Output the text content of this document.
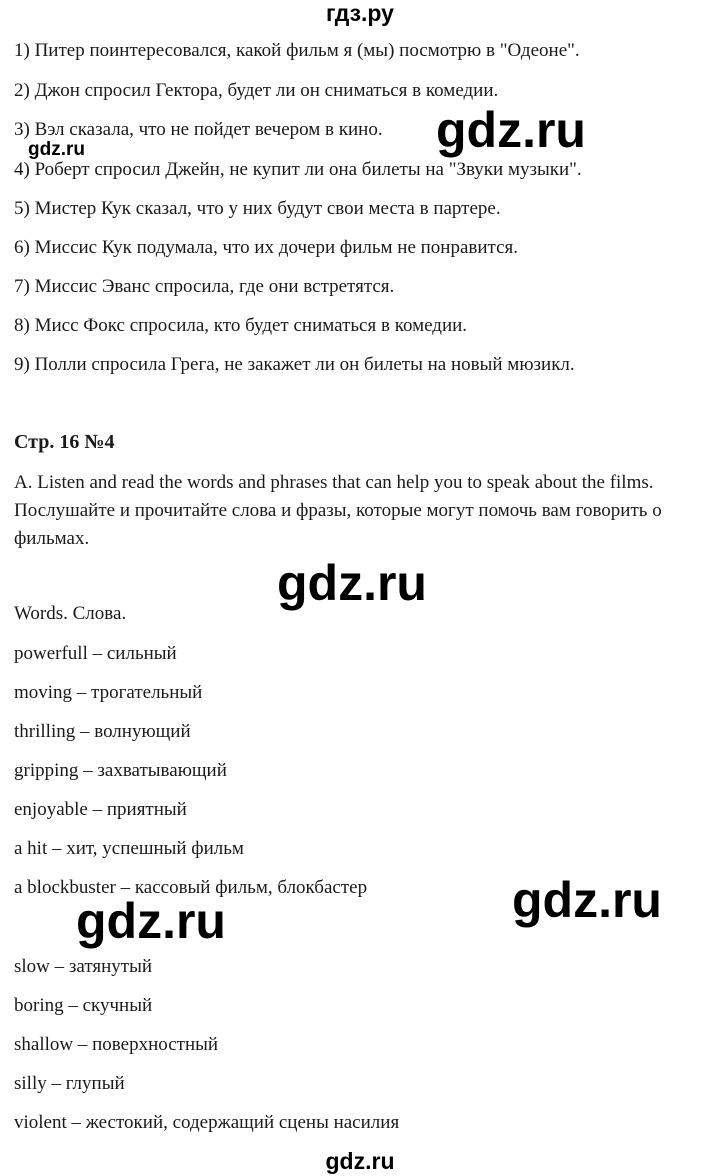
гдз.ру
1) Питер поинтересовался, какой фильм я (мы) посмотрю в "Одеоне".
2) Джон спросил Гектора, будет ли он сниматься в комедии.
3) Вэл сказала, что не пойдет вечером в кино.
4) Роберт спросил Джейн, не купит ли она билеты на "Звуки музыки".
5) Мистер Кук сказал, что у них будут свои места в партере.
6) Миссис Кук подумала, что их дочери фильм не понравится.
7) Миссис Эванс спросила, где они встретятся.
8) Мисс Фокс спросила, кто будет сниматься в комедии.
9) Полли спросила Грега, не закажет ли он билеты на новый мюзикл.
gdz.ru
gdz.ru
Стр. 16 №4
A. Listen and read the words and phrases that can help you to speak about the films. Послушайте и прочитайте слова и фразы, которые могут помочь вам говорить о фильмах.
gdz.ru
Words. Слова.
powerfull – сильный
moving – трогательный
thrilling – волнующий
gripping – захватывающий
enjoyable – приятный
a hit – хит, успешный фильм
a blockbuster – кассовый фильм, блокбастер	gdz.ru
gdz.ru
slow – затянутый
boring – скучный
shallow – поверхностный
silly – глупый
violent – жестокий, содержащий сцены насилия
gdz.ru
